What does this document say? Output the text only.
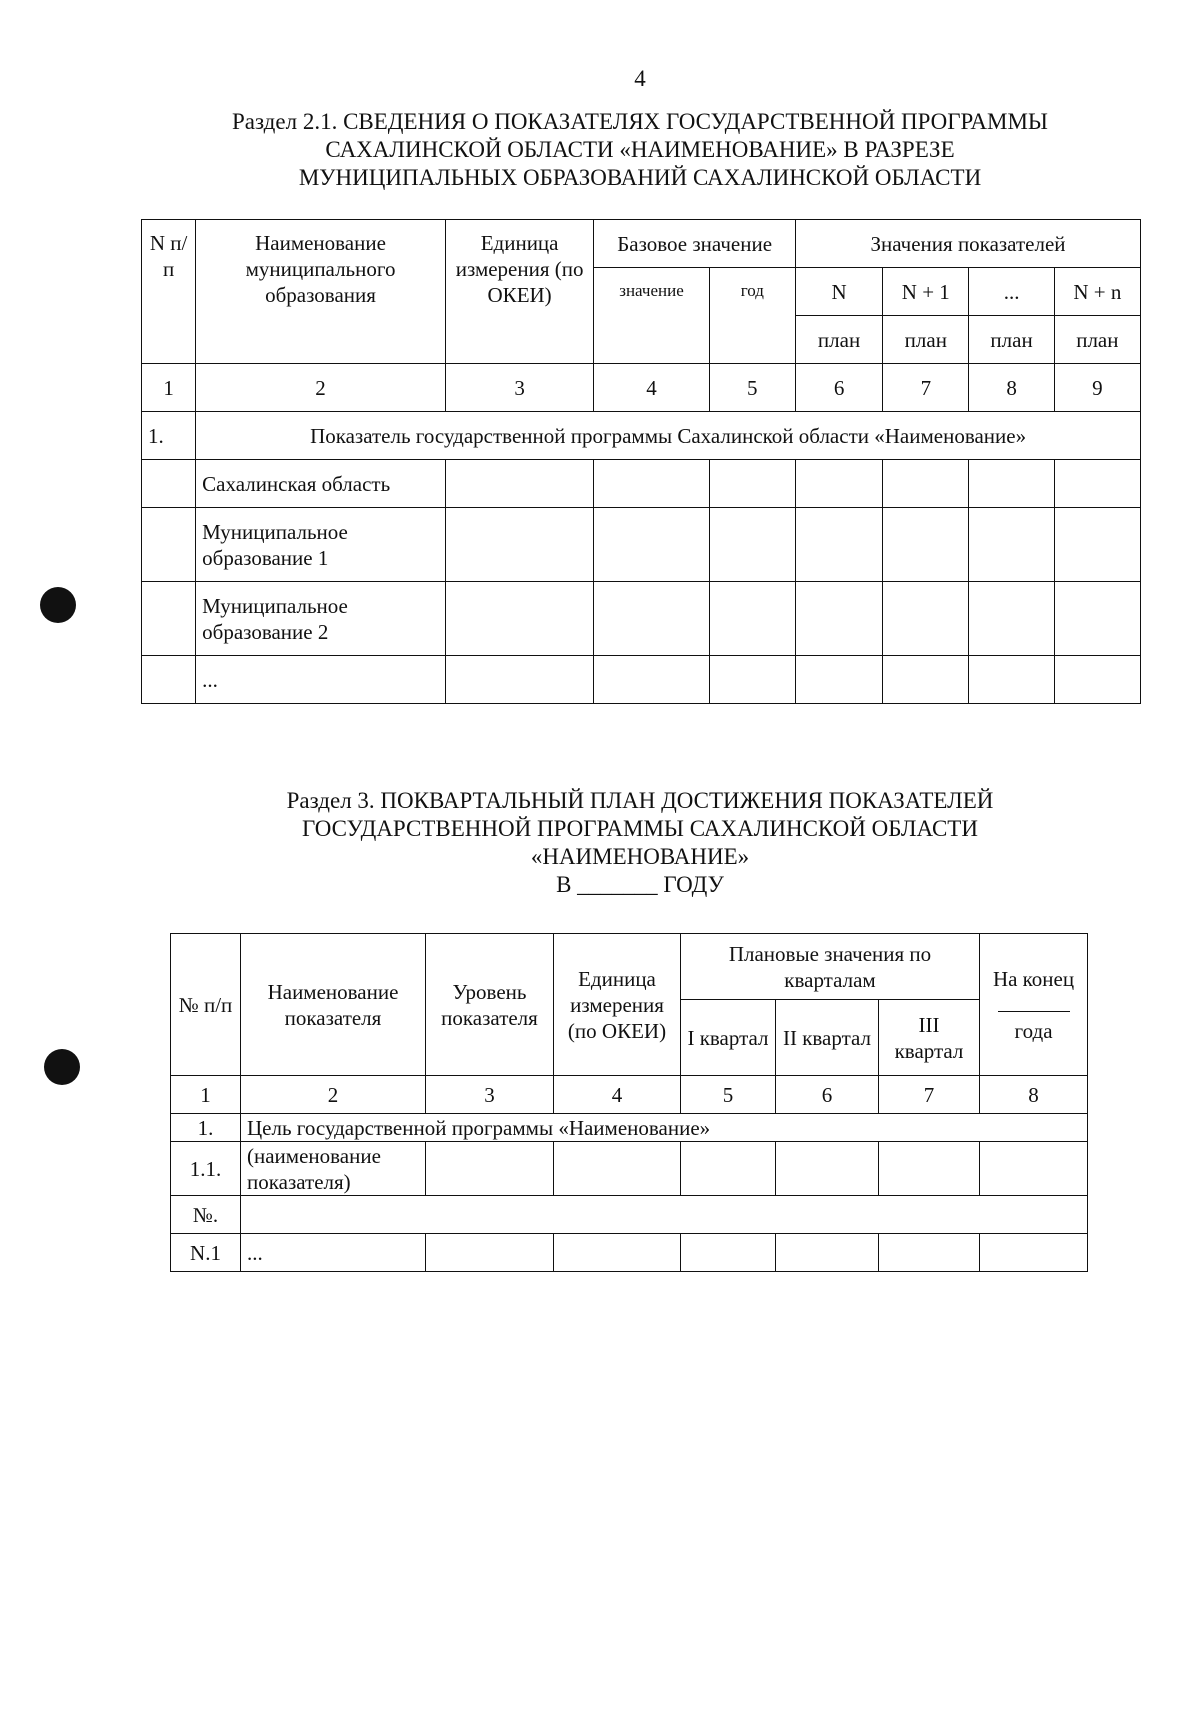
4
Раздел 2.1. СВЕДЕНИЯ О ПОКАЗАТЕЛЯХ ГОСУДАРСТВЕННОЙ ПРОГРАММЫ
САХАЛИНСКОЙ ОБЛАСТИ «НАИМЕНОВАНИЕ» В РАЗРЕЗЕ
МУНИЦИПАЛЬНЫХ ОБРАЗОВАНИЙ САХАЛИНСКОЙ ОБЛАСТИ
N п/п	Наименование муниципального образования	Единица измерения (по ОКЕИ)	Базовое значение		Значения показателей			
			значение	год	N	N + 1	...	N + n
					план	план	план	план
1	2	3	4	5	6	7	8	9
1.	Показатель государственной программы Сахалинской области «Наименование»							
	Сахалинская область							
	Муниципальное образование 1							
	Муниципальное образование 2							
	...							
Раздел 3. ПОКВАРТАЛЬНЫЙ ПЛАН ДОСТИЖЕНИЯ ПОКАЗАТЕЛЕЙ
ГОСУДАРСТВЕННОЙ ПРОГРАММЫ САХАЛИНСКОЙ ОБЛАСТИ
«НАИМЕНОВАНИЕ»
В _______ ГОДУ
№ п/п	Наименование показателя	Уровень показателя	Единица измерения (по ОКЕИ)	Плановые значения по кварталам			На конец
года

				I квартал	II квартал	III квартал	
1	2	3	4	5	6	7	8
1.	Цель государственной программы «Наименование»						
1.1.	(наименование показателя)						
№.							
N.1	...						
